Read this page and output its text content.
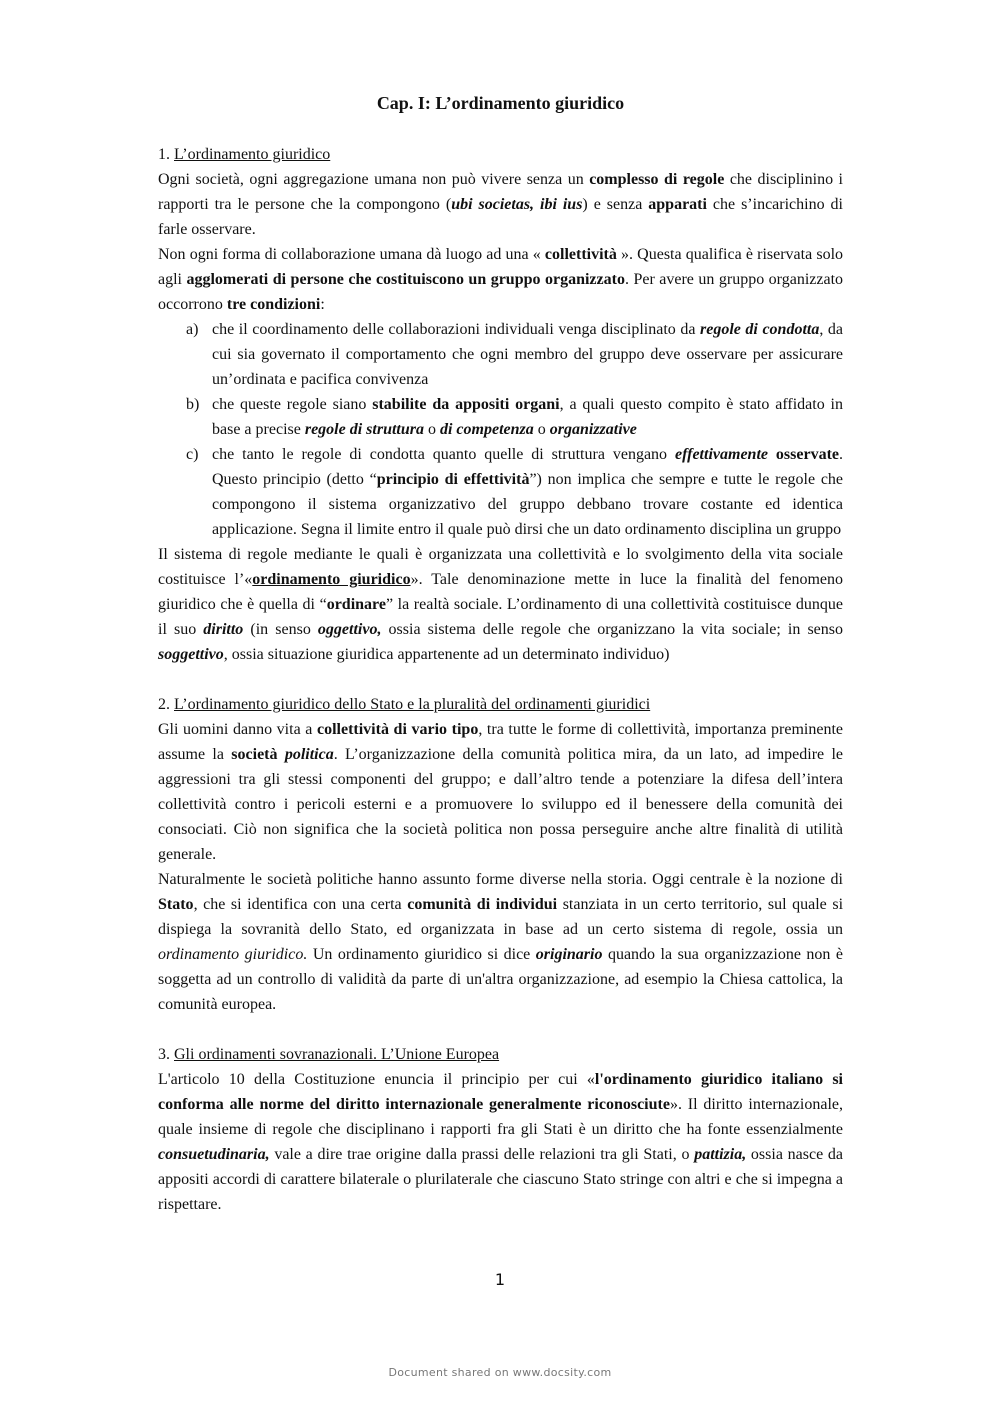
Cap. I: L’ordinamento giuridico
1. L’ordinamento giuridico

Ogni società, ogni aggregazione umana non può vivere senza un complesso di regole che disciplinino i rapporti tra le persone che la compongono (ubi societas, ibi ius) e senza apparati che s’incarichino di farle osservare.

Non ogni forma di collaborazione umana dà luogo ad una « collettività ». Questa qualifica è riservata solo agli agglomerati di persone che costituiscono un gruppo organizzato. Per avere un gruppo organizzato occorrono tre condizioni:

a) che il coordinamento delle collaborazioni individuali venga disciplinato da regole di condotta, da cui sia governato il comportamento che ogni membro del gruppo deve osservare per assicurare un’ordinata e pacifica convivenza
b) che queste regole siano stabilite da appositi organi, a quali questo compito è stato affidato in base a precise regole di struttura o di competenza o organizzative
c) che tanto le regole di condotta quanto quelle di struttura vengano effettivamente osservate. Questo principio (detto “principio di effettività”) non implica che sempre e tutte le regole che compongono il sistema organizzativo del gruppo debbano trovare costante ed identica applicazione. Segna il limite entro il quale può dirsi che un dato ordinamento disciplina un gruppo

Il sistema di regole mediante le quali è organizzata una collettività e lo svolgimento della vita sociale costituisce l’«ordinamento giuridico». Tale denominazione mette in luce la finalità del fenomeno giuridico che è quella di “ordinare” la realtà sociale. L’ordinamento di una collettività costituisce dunque il suo diritto (in senso oggettivo, ossia sistema delle regole che organizzano la vita sociale; in senso soggettivo, ossia situazione giuridica appartenente ad un determinato individuo)

2. L’ordinamento giuridico dello Stato e la pluralità del ordinamenti giuridici

Gli uomini danno vita a collettività di vario tipo, tra tutte le forme di collettività, importanza preminente assume la società politica. L’organizzazione della comunità politica mira, da un lato, ad impedire le aggressioni tra gli stessi componenti del gruppo; e dall’altro tende a potenziare la difesa dell’intera collettività contro i pericoli esterni e a promuovere lo sviluppo ed il benessere della comunità dei consociati. Ciò non significa che la società politica non possa perseguire anche altre finalità di utilità generale.

Naturalmente le società politiche hanno assunto forme diverse nella storia. Oggi centrale è la nozione di Stato, che si identifica con una certa comunità di individui stanziata in un certo territorio, sul quale si dispiega la sovranità dello Stato, ed organizzata in base ad un certo sistema di regole, ossia un ordinamento giuridico. Un ordinamento giuridico si dice originario quando la sua organizzazione non è soggetta ad un controllo di validità da parte di un'altra organizzazione, ad esempio la Chiesa cattolica, la comunità europea.

3. Gli ordinamenti sovranazionali. L’Unione Europea

L'articolo 10 della Costituzione enuncia il principio per cui «l'ordinamento giuridico italiano si conforma alle norme del diritto internazionale generalmente riconosciute». Il diritto internazionale, quale insieme di regole che disciplinano i rapporti fra gli Stati è un diritto che ha fonte essenzialmente consuetudinaria, vale a dire trae origine dalla prassi delle relazioni tra gli Stati, o pattizia, ossia nasce da appositi accordi di carattere bilaterale o plurilaterale che ciascuno Stato stringe con altri e che si impegna a rispettare.

1
Document shared on www.docsity.com
